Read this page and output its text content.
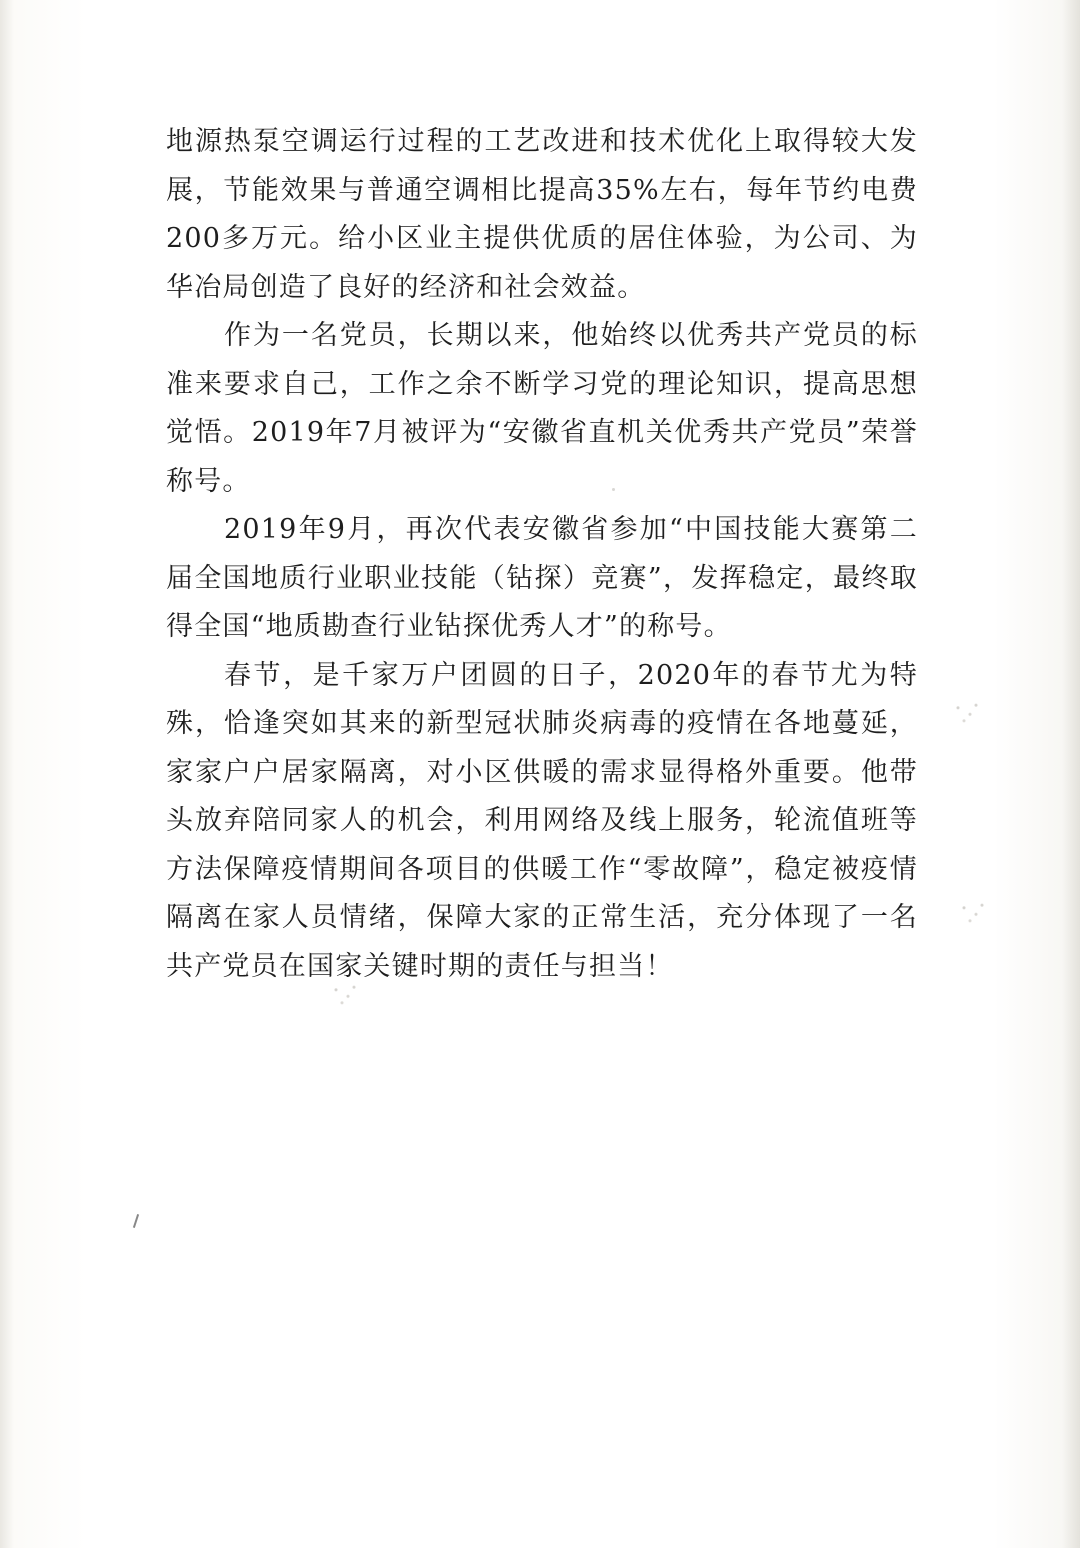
地源热泵空调运行过程的工艺改进和技术优化上取得较大发展，节能效果与普通空调相比提高35%左右，每年节约电费200多万元。给小区业主提供优质的居住体验，为公司、为华冶局创造了良好的经济和社会效益。

作为一名党员，长期以来，他始终以优秀共产党员的标准来要求自己，工作之余不断学习党的理论知识，提高思想觉悟。2019年7月被评为“安徽省直机关优秀共产党员”荣誉称号。

2019年9月，再次代表安徽省参加“中国技能大赛第二届全国地质行业职业技能（钻探）竞赛”，发挥稳定，最终取得全国“地质勘查行业钻探优秀人才”的称号。

春节，是千家万户团圆的日子，2020年的春节尤为特殊，恰逢突如其来的新型冠状肺炎病毒的疫情在各地蔓延，家家户户居家隔离，对小区供暖的需求显得格外重要。他带头放弃陪同家人的机会，利用网络及线上服务，轮流值班等方法保障疫情期间各项目的供暖工作“零故障”，稳定被疫情隔离在家人员情绪，保障大家的正常生活，充分体现了一名共产党员在国家关键时期的责任与担当！
